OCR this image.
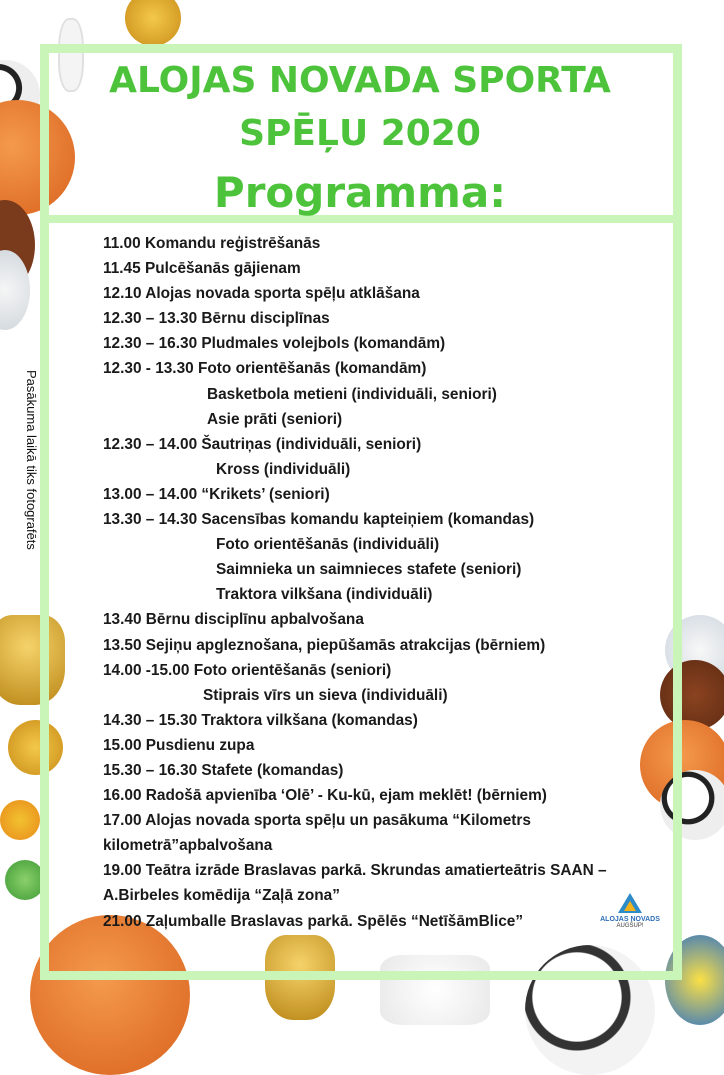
ALOJAS NOVADA SPORTA
SPĒĻU 2020
Programma:
Pasākuma laikā tiks fotografēts
11.00 Komandu reģistrēšanās
11.45 Pulcēšanās gājienam
12.10 Alojas novada sporta spēļu atklāšana
12.30 – 13.30 Bērnu disciplīnas
12.30 – 16.30 Pludmales volejbols (komandām)
12.30 - 13.30 Foto orientēšanās (komandām)
Basketbola metieni (individuāli, seniori)
Asie prāti (seniori)
12.30 – 14.00 Šautriņas (individuāli, seniori)
Kross (individuāli)
13.00 – 14.00 “Krikets’ (seniori)
13.30 – 14.30 Sacensības komandu kapteiņiem (komandas)
Foto orientēšanās (individuāli)
Saimnieka un saimnieces stafete (seniori)
Traktora vilkšana (individuāli)
13.40 Bērnu disciplīnu apbalvošana
13.50 Sejiņu apgleznošana, piepūšamās atrakcijas (bērniem)
14.00 -15.00 Foto orientēšanās (seniori)
Stiprais vīrs un sieva (individuāli)
14.30 – 15.30 Traktora vilkšana (komandas)
15.00 Pusdienu zupa
15.30 – 16.30 Stafete (komandas)
16.00 Radošā apvienība ‘Olē’ - Ku-kū, ejam meklēt! (bērniem)
17.00 Alojas novada sporta spēļu un pasākuma “Kilometrs
kilometrā”apbalvošana
19.00 Teātra izrāde Braslavas parkā. Skrundas amatierteātris SAAN –
A.Birbeles komēdija “Zaļā zona”
21.00 Zaļumballe Braslavas parkā. Spēlēs “NetīšāmBlice”	ALOJAS NOVADS
AUGŠUP!
